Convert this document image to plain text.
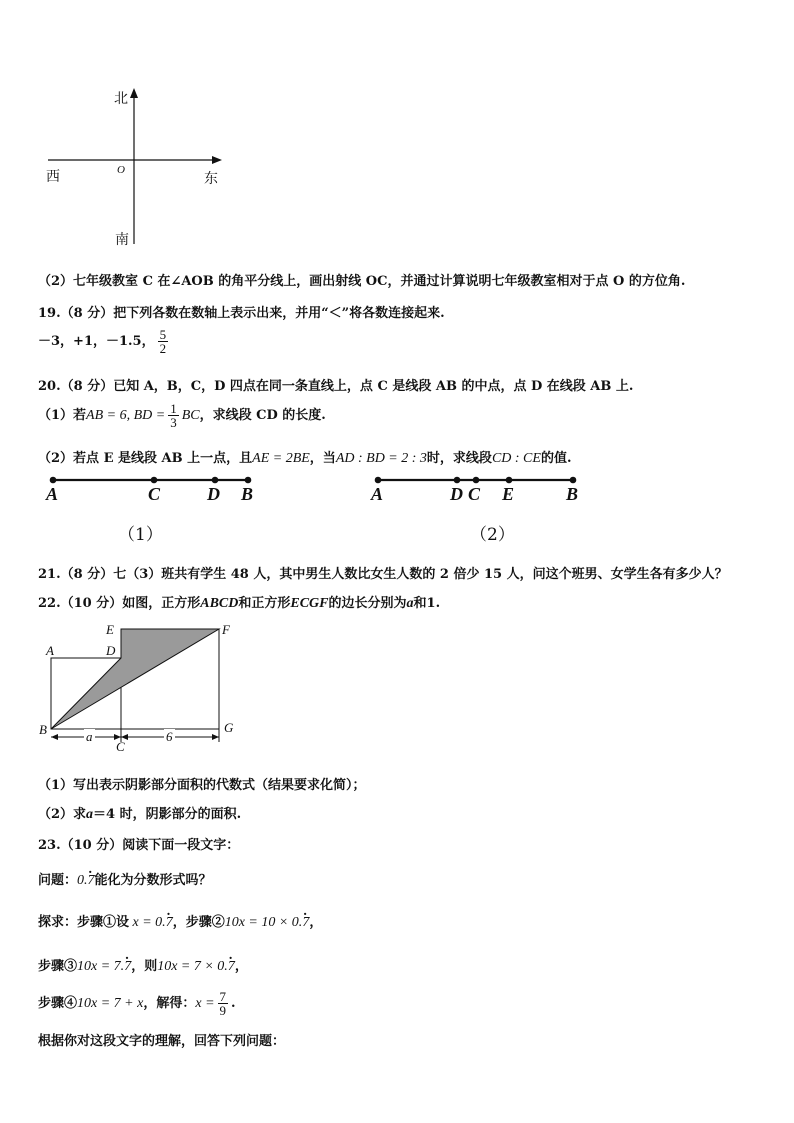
北
西	O
东
南
（2）七年级教室 C 在∠AOB 的角平分线上，画出射线 OC，并通过计算说明七年级教室相对于点 O 的方位角.
19.（8 分）把下列各数在数轴上表示出来，并用“＜”将各数连接起来.
－3，+1，－1.5， $\frac{5}{2}$
20.（8 分）已知 A，B，C，D 四点在同一条直线上，点 C 是线段 AB 的中点，点 D 在线段 AB 上.
（1）若AB = 6, BD = $\frac{1}{3}$ BC，求线段 CD 的长度.
（2）若点 E 是线段 AB 上一点，且AE = 2BE，当AD : BD = 2 : 3时，求线段CD : CE的值.
A	C	D B
（1）
A	D C E	B
（2）
21.（8 分）七（3）班共有学生 48 人，其中男生人数比女生人数的 2 倍少 15 人，问这个班男、女学生各有多少人？
22.（10 分）如图，正方形ABCD和正方形ECGF的边长分别为a和1.
E	F
A	D
B	G
a	6
C
（1）写出表示阴影部分面积的代数式（结果要求化简）；
（2）求a＝4 时，阴影部分的面积.
23.（10 分）阅读下面一段文字：
问题：0.. 7能化为分数形式吗？
探求：步骤①设 x = 0.. 7，步骤②10x = 10 × 0.. 7，
步骤③10x = 7.. 7，则10x = 7 × 0.. 7，
步骤④10x = 7 + x，解得：$x = \frac{7}{9}$ .
根据你对这段文字的理解，回答下列问题：
